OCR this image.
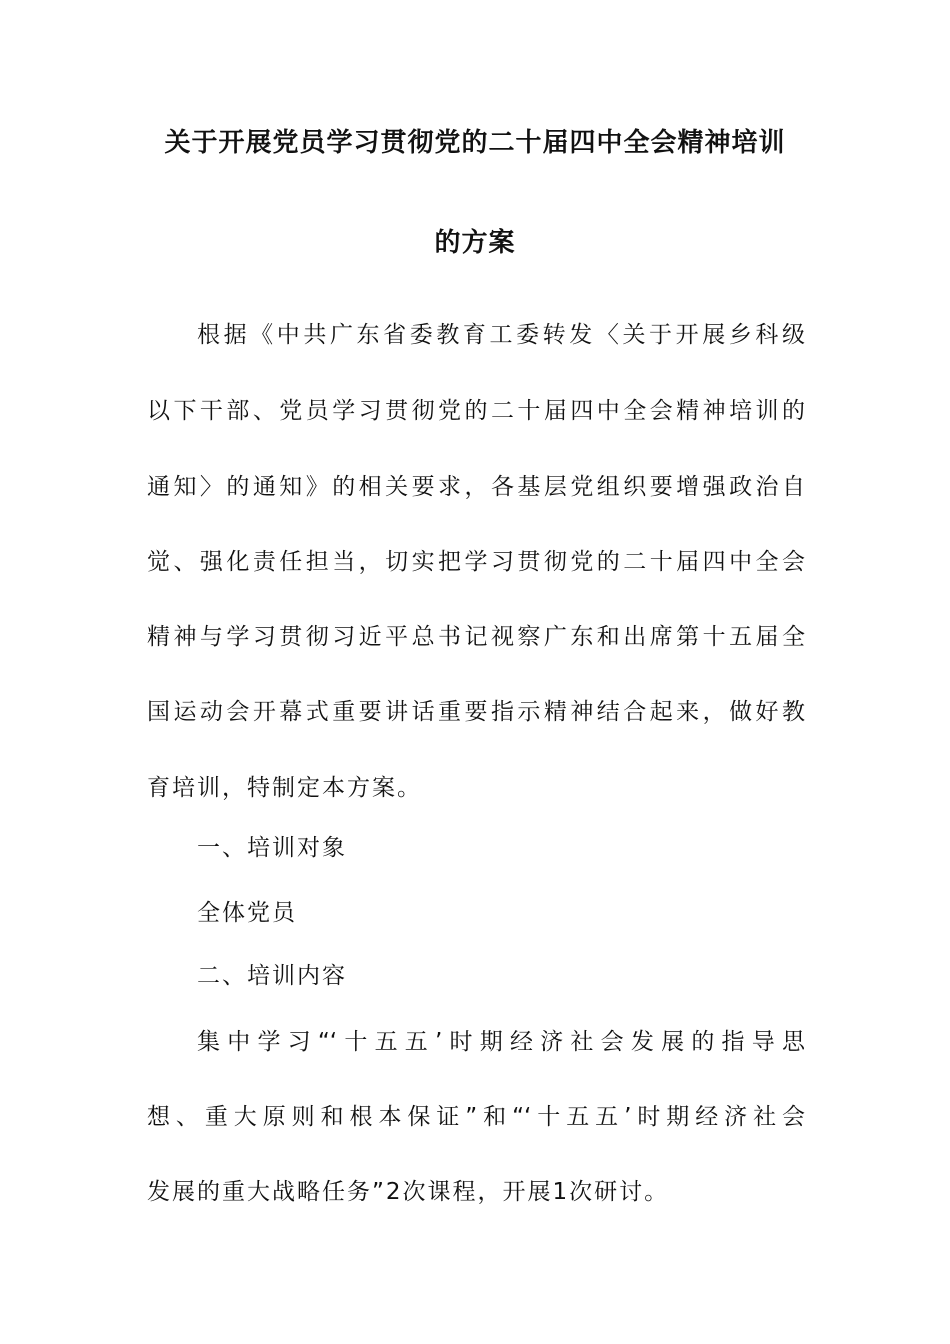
关于开展党员学习贯彻党的二十届四中全会精神培训
的方案
根据《中共广东省委教育工委转发〈关于开展乡科级
以下干部、党员学习贯彻党的二十届四中全会精神培训的
通知〉的通知》的相关要求，各基层党组织要增强政治自
觉、强化责任担当，切实把学习贯彻党的二十届四中全会
精神与学习贯彻习近平总书记视察广东和出席第十五届全
国运动会开幕式重要讲话重要指示精神结合起来，做好教
育培训，特制定本方案。
一、培训对象
全体党员
二、培训内容
集中学习“‘十五五’时期经济社会发展的指导思
想、重大原则和根本保证”和“‘十五五’时期经济社会
发展的重大战略任务”2次课程，开展1次研讨。
